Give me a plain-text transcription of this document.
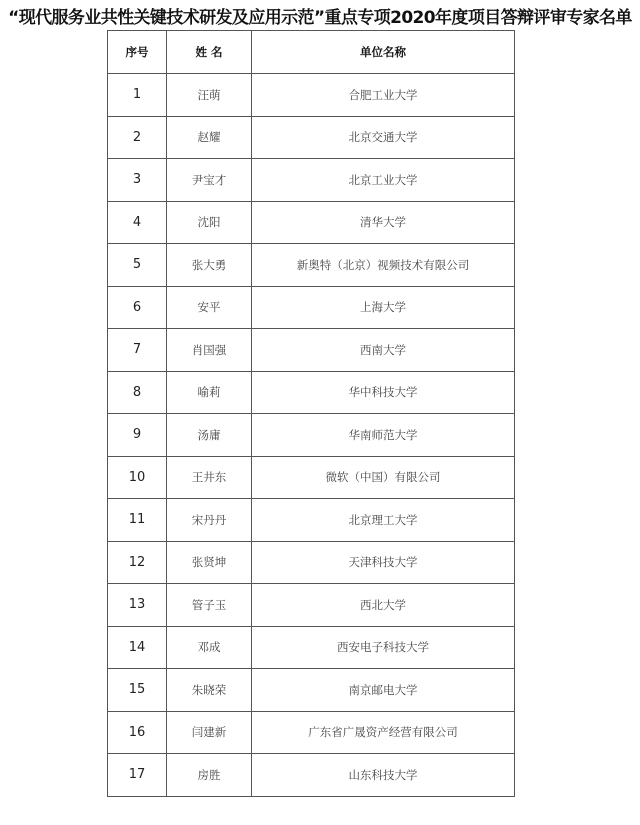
“现代服务业共性关键技术研发及应用示范”重点专项2020年度项目答辩评审专家名单
序号	姓 名	单位名称
1	汪萌	合肥工业大学
2	赵耀	北京交通大学
3	尹宝才	北京工业大学
4	沈阳	清华大学
5	张大勇	新奥特（北京）视频技术有限公司
6	安平	上海大学
7	肖国强	西南大学
8	喻莉	华中科技大学
9	汤庸	华南师范大学
10	王井东	微软（中国）有限公司
11	宋丹丹	北京理工大学
12	张贤坤	天津科技大学
13	管子玉	西北大学
14	邓成	西安电子科技大学
15	朱晓荣	南京邮电大学
16	闫建新	广东省广晟资产经营有限公司
17	房胜	山东科技大学
